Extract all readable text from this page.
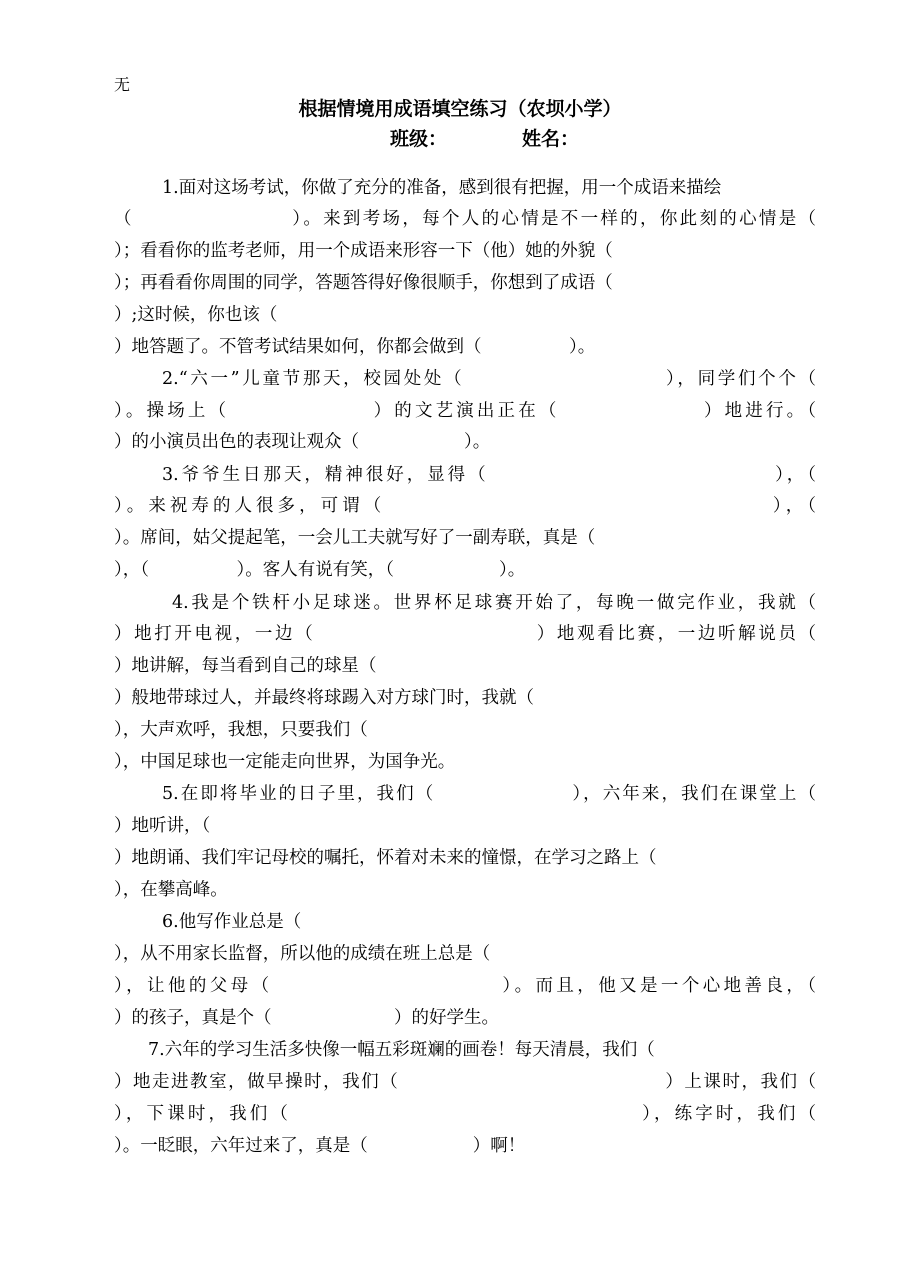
无
根据情境用成语填空练习（农坝小学）
班级：	姓名：
1.面对这场考试，你做了充分的准备，感到很有把握，用一个成语来描绘
（　　　　　　　　）。来到考场，每个人的心情是不一样的，你此刻的心情是（
）；看看你的监考老师，用一个成语来形容一下（他）她的外貌（
）；再看看你周围的同学，答题答得好像很顺手，你想到了成语（
）;这时候，你也该（
）地答题了。不管考试结果如何，你都会做到（　　　　　）。
2.“六一”儿童节那天，校园处处（　　　　　　　　　　），同学们个个（
）。操场上（　　　　　　　）的文艺演出正在（　　　　　　　）地进行。（
）的小演员出色的表现让观众（　　　　　　）。
3.爷爷生日那天，精神很好，显得（　　　　　　　　　　　　　　），（
）。来祝寿的人很多，可谓（　　　　　　　　　　　　　　　　　　），（
）。席间，姑父提起笔，一会儿工夫就写好了一副寿联，真是（
），（　　　　　）。客人有说有笑，（　　　　　　）。
4.我是个铁杆小足球迷。世界杯足球赛开始了，每晚一做完作业，我就（
）地打开电视，一边（　　　　　　　　　　　）地观看比赛，一边听解说员（
）地讲解，每当看到自己的球星（
）般地带球过人，并最终将球踢入对方球门时，我就（
），大声欢呼，我想，只要我们（
），中国足球也一定能走向世界，为国争光。
5.在即将毕业的日子里，我们（　　　　　　　），六年来，我们在课堂上（
）地听讲，（
）地朗诵、我们牢记母校的嘱托，怀着对未来的憧憬，在学习之路上（
），在攀高峰。
6.他写作业总是（
），从不用家长监督，所以他的成绩在班上总是（
），让他的父母（　　　　　　　　　　　）。而且，他又是一个心地善良，（
）的孩子，真是个（　　　　　　　）的好学生。
7.六年的学习生活多快像一幅五彩斑斓的画卷！每天清晨，我们（
）地走进教室，做早操时，我们（　　　　　　　　　　　　　　）上课时，我们（
），下课时，我们（　　　　　　　　　　　　　　　　　），练字时，我们（
）。一眨眼，六年过来了，真是（　　　　　　）啊！
